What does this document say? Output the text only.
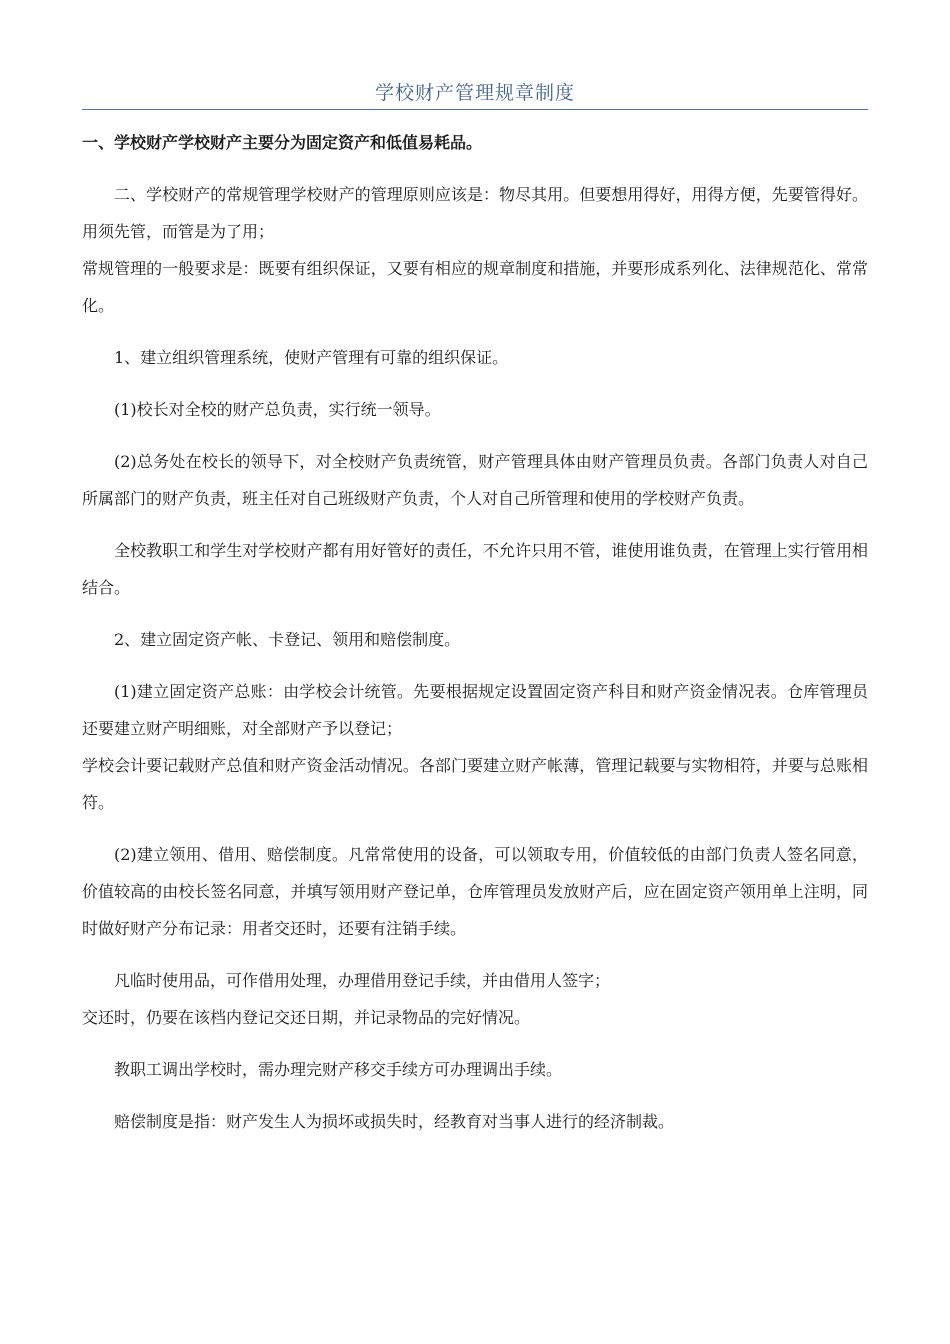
学校财产管理规章制度

一、学校财产学校财产主要分为固定资产和低值易耗品。

二、学校财产的常规管理学校财产的管理原则应该是：物尽其用。但要想用得好，用得方便，先要管得好。用须先管，而管是为了用；

常规管理的一般要求是：既要有组织保证，又要有相应的规章制度和措施，并要形成系列化、法律规范化、常常化。

1、建立组织管理系统，使财产管理有可靠的组织保证。

(1)校长对全校的财产总负责，实行统一领导。

(2)总务处在校长的领导下，对全校财产负责统管，财产管理具体由财产管理员负责。各部门负责人对自己所属部门的财产负责，班主任对自己班级财产负责，个人对自己所管理和使用的学校财产负责。

全校教职工和学生对学校财产都有用好管好的责任，不允许只用不管，谁使用谁负责，在管理上实行管用相结合。

2、建立固定资产帐、卡登记、领用和赔偿制度。

(1)建立固定资产总账：由学校会计统管。先要根据规定设置固定资产科目和财产资金情况表。仓库管理员还要建立财产明细账，对全部财产予以登记；

学校会计要记载财产总值和财产资金活动情况。各部门要建立财产帐薄，管理记载要与实物相符，并要与总账相符。

(2)建立领用、借用、赔偿制度。凡常常使用的设备，可以领取专用，价值较低的由部门负责人签名同意，价值较高的由校长签名同意，并填写领用财产登记单，仓库管理员发放财产后，应在固定资产领用单上注明，同时做好财产分布记录：用者交还时，还要有注销手续。

凡临时使用品，可作借用处理，办理借用登记手续，并由借用人签字；

交还时，仍要在该档内登记交还日期，并记录物品的完好情况。

教职工调出学校时，需办理完财产移交手续方可办理调出手续。

赔偿制度是指：财产发生人为损坏或损失时，经教育对当事人进行的经济制裁。
